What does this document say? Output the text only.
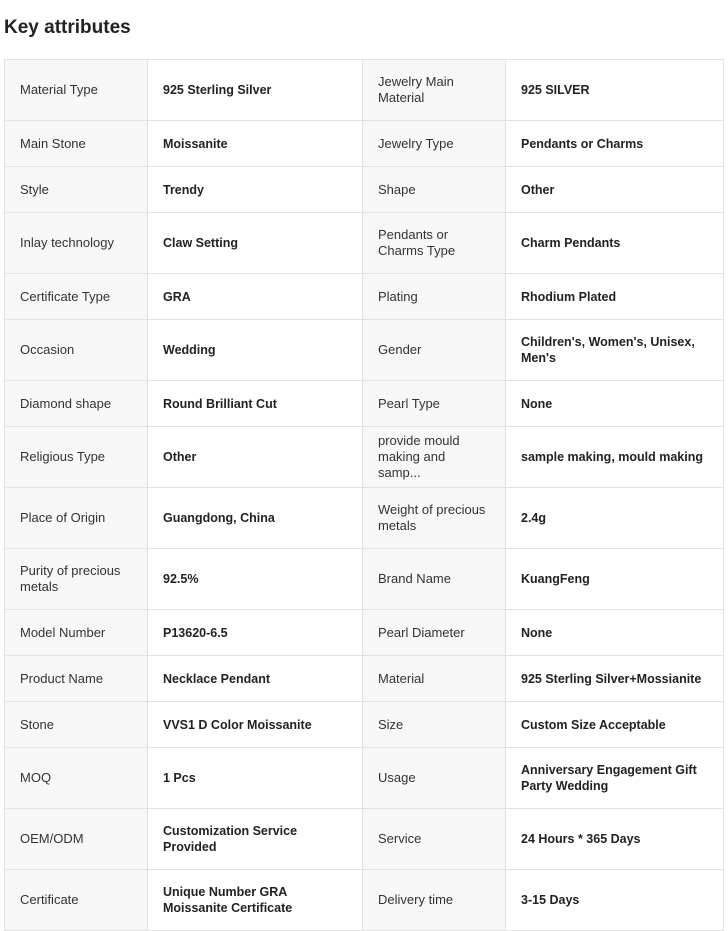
Key attributes
Material Type	925 Sterling Silver	Jewelry Main Material	925 SILVER
Main Stone	Moissanite	Jewelry Type	Pendants or Charms
Style	Trendy	Shape	Other
Inlay technology	Claw Setting	Pendants or Charms Type	Charm Pendants
Certificate Type	GRA	Plating	Rhodium Plated
Occasion	Wedding	Gender	Children's, Women's, Unisex, Men's
Diamond shape	Round Brilliant Cut	Pearl Type	None
Religious Type	Other	provide mould making and samp...	sample making, mould making
Place of Origin	Guangdong, China	Weight of precious metals	2.4g
Purity of precious metals	92.5%	Brand Name	KuangFeng
Model Number	P13620-6.5	Pearl Diameter	None
Product Name	Necklace Pendant	Material	925 Sterling Silver+Mossianite
Stone	VVS1 D Color Moissanite	Size	Custom Size Acceptable
MOQ	1 Pcs	Usage	Anniversary Engagement Gift Party Wedding
OEM/ODM	Customization Service Provided	Service	24 Hours * 365 Days
Certificate	Unique Number GRA Moissanite Certificate	Delivery time	3-15 Days
